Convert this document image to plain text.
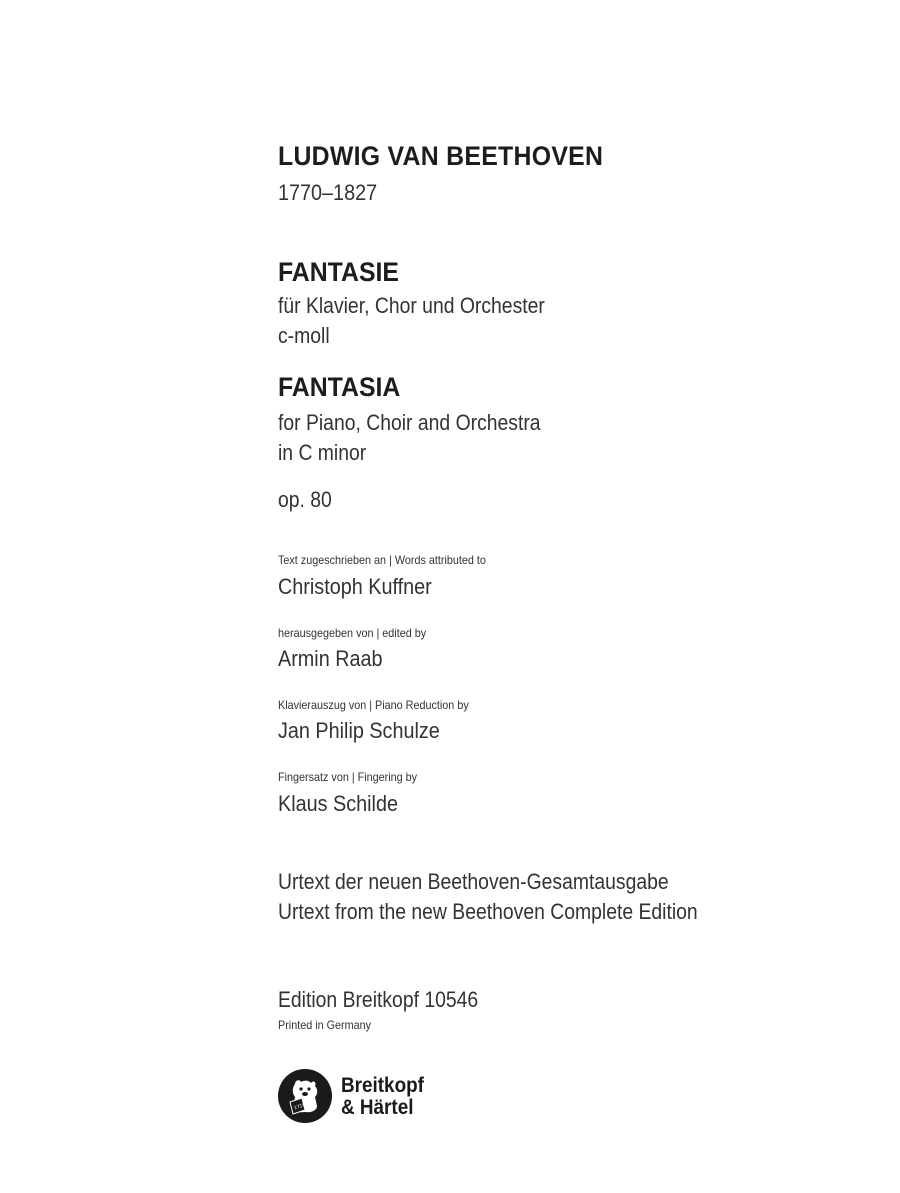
LUDWIG VAN BEETHOVEN
1770–1827
FANTASIE
für Klavier, Chor und Orchester
c-moll
FANTASIA
for Piano, Choir and Orchestra
in C minor
op. 80
Text zugeschrieben an | Words attributed to
Christoph Kuffner
herausgegeben von | edited by
Armin Raab
Klavierauszug von | Piano Reduction by
Jan Philip Schulze
Fingersatz von | Fingering by
Klaus Schilde
Urtext der neuen Beethoven-Gesamtausgabe
Urtext from the new Beethoven Complete Edition
Edition Breitkopf 10546
Printed in Germany
1719
Breitkopf
& Härtel
